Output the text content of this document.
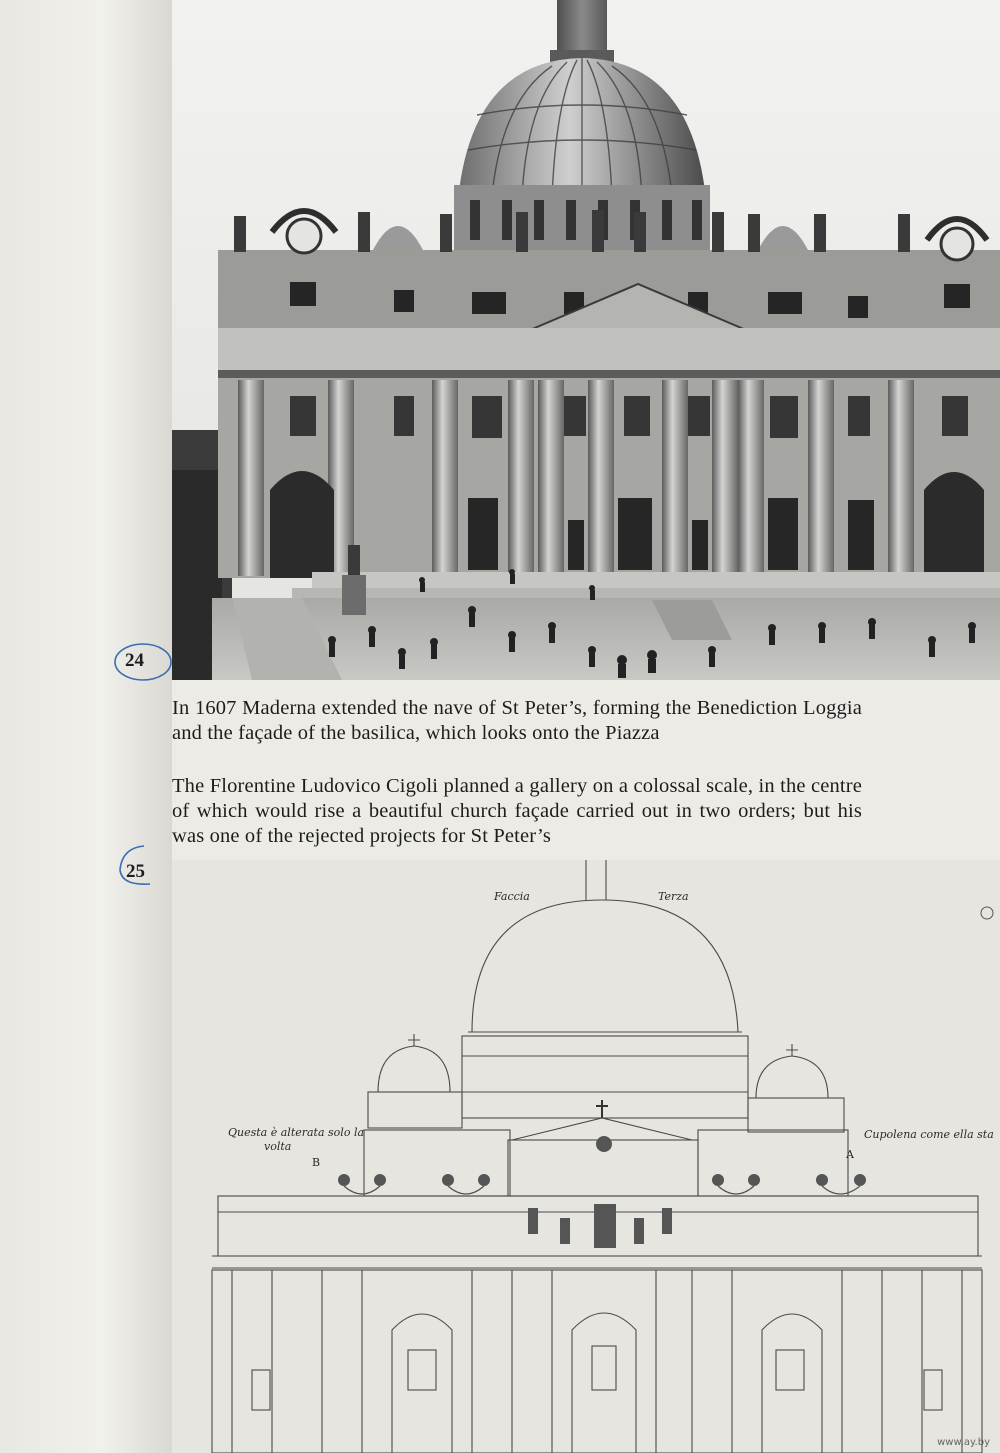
24
25

In 1607 Maderna extended the nave of St Peter’s, forming the Benediction Loggia and the façade of the basilica, which looks onto the Piazza

The Florentine Ludovico Cigoli planned a gallery on a colossal scale, in the centre of which would rise a beautiful church façade carried out in two orders; but his was one of the rejected projects for St Peter’s

Faccia	Terza
Questa è alterata solo la
volta
B
Cupolena come ella sta
A
www.ay.by
